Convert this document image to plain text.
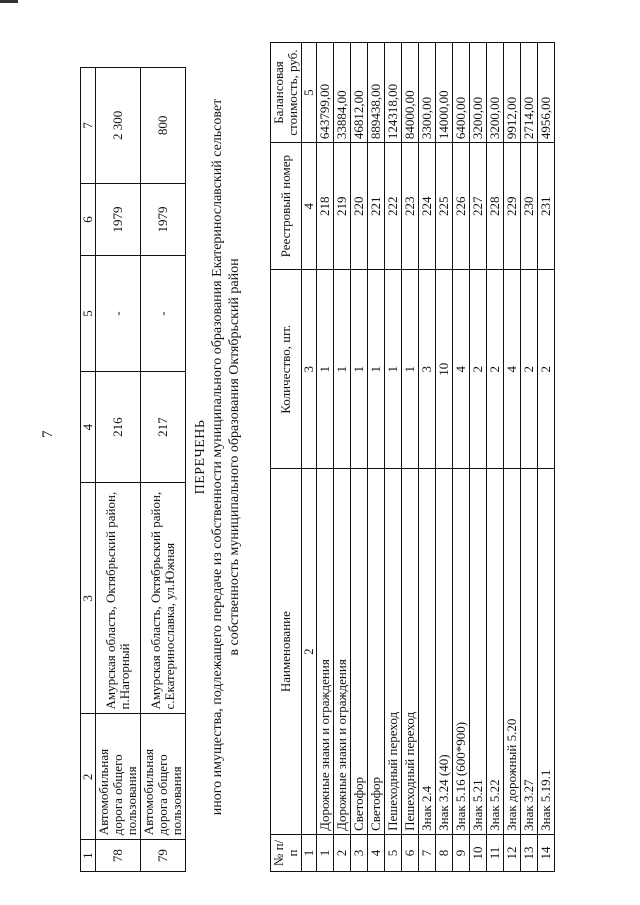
7
1	2	3	4	5	6	7
78	Автомобильная дорога общего пользования	Амурская область, Октябрьский район, п.Нагорный	216	-	1979	2 300
79	Автомобильная дорога общего пользования	Амурская область, Октябрьский район, с.Екатеринославка, ул.Южная	217	-	1979	800
ПЕРЕЧЕНЬ иного имущества, подлежащего передаче из собственности муниципального образования Екатеринославский сельсовет в собственность муниципального образования Октябрьский район
№ п/п	Наименование	Количество, шт.	Реестровый номер	Балансовая стоимость, руб.
1	2	3	4	5
1	Дорожные знаки и ограждения	1	218	643799,00
2	Дорожные знаки и ограждения	1	219	33884,00
3	Светофор	1	220	46812,00
4	Светофор	1	221	889438,00
5	Пешеходный переход	1	222	124318,00
6	Пешеходный переход	1	223	84000,00
7	Знак 2.4	3	224	3300,00
8	Знак 3.24 (40)	10	225	14000,00
9	Знак 5.16 (600*900)	4	226	6400,00
10	Знак 5.21	2	227	3200,00
11	Знак 5.22	2	228	3200,00
12	Знак дорожный 5.20	4	229	9912,00
13	Знак 3.27	2	230	2714,00
14	Знак 5.19.1	2	231	4956,00
